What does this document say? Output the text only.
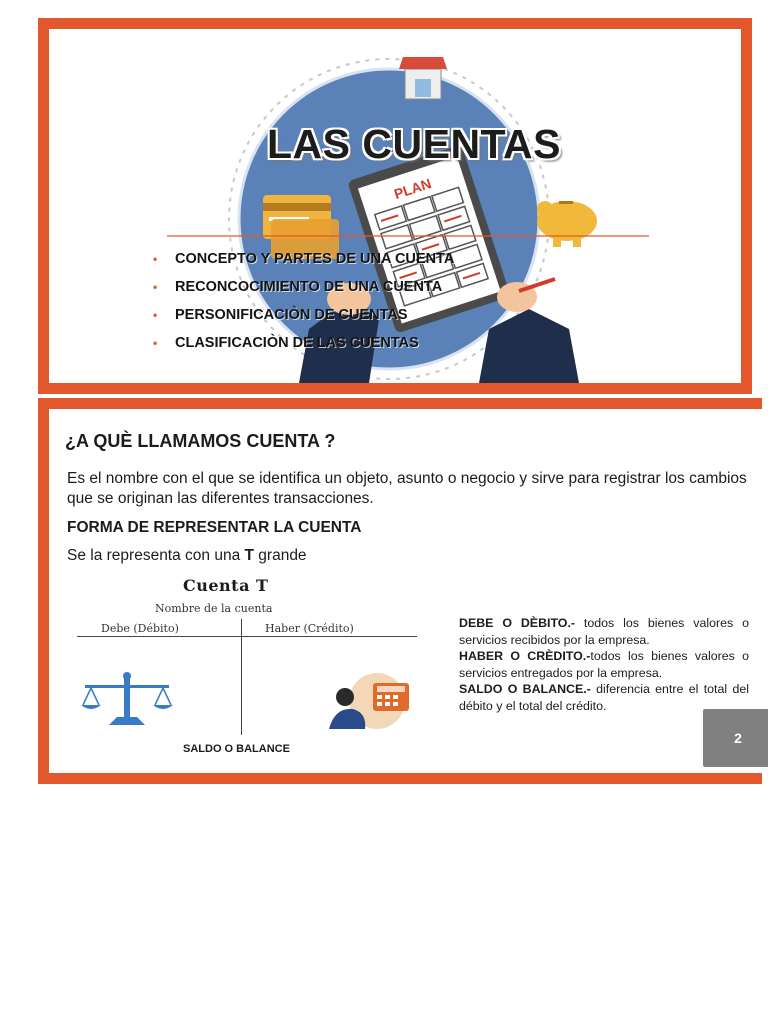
PLAN
LAS CUENTAS
• CONCEPTO Y PARTES DE UNA CUENTA
• RECONCOCIMIENTO DE UNA CUENTA
• PERSONIFICACIÒN DE CUENTAS
• CLASIFICACIÒN DE LAS CUENTAS
¿A QUÈ LLAMAMOS CUENTA ?
Es el nombre con el que se identifica un objeto, asunto o negocio y sirve para registrar los cambios que se originan las diferentes transacciones.
FORMA DE REPRESENTAR LA CUENTA
Se la representa con una T grande
Cuenta T
Nombre de la cuenta
Debe (Débito)	Haber (Crédito)
SALDO O BALANCE

DEBE O DÈBITO.- todos los bienes valores o servicios recibidos por la empresa.

HABER O CRÈDITO.-todos los bienes valores o servicios entregados por la empresa.

SALDO O BALANCE.- diferencia entre el total del débito y el total del crédito.

2
